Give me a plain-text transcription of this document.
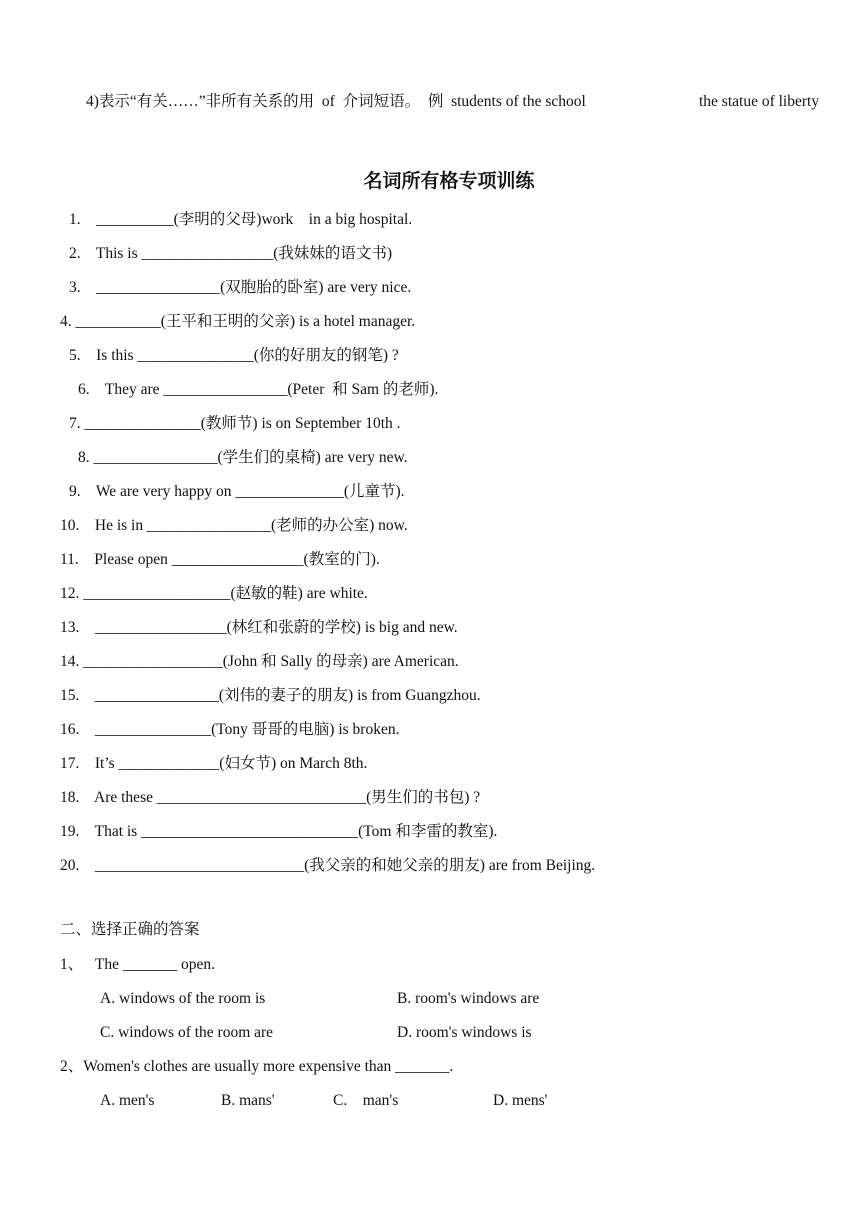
4)表示“有关……”非所有关系的用  of  介词短语。  例  students of the school	the statue of liberty
名词所有格专项训练
1.    __________(李明的父母)work    in a big hospital.
2.    This is _________________(我妹妹的语文书)
3.    ________________(双胞胎的卧室) are very nice.
4. ___________(王平和王明的父亲) is a hotel manager.
5.    Is this _______________(你的好朋友的钢笔) ?
6.    They are ________________(Peter  和 Sam 的老师).
7. _______________(教师节) is on September 10th .
8. ________________(学生们的桌椅) are very new.
9.    We are very happy on ______________(儿童节).
10.    He is in ________________(老师的办公室) now.
11.    Please open _________________(教室的门).
12. ___________________(赵敏的鞋) are white.
13.    _________________(林红和张蔚的学校) is big and new.
14. __________________(John 和 Sally 的母亲) are American.
15.    ________________(刘伟的妻子的朋友) is from Guangzhou.
16.    _______________(Tony 哥哥的电脑) is broken.
17.    It’s _____________(妇女节) on March 8th.
18.    Are these ___________________________(男生们的书包) ?
19.    That is ____________________________(Tom 和李雷的教室).
20.    ___________________________(我父亲的和她父亲的朋友) are from Beijing.
二、选择正确的答案
1、   The _______ open.
A. windows of the room is	B. room's windows are
C. windows of the room are	D. room's windows is
2、Women's clothes are usually more expensive than _______.
A. men's	B. mans'	C.    man's	D. mens'
